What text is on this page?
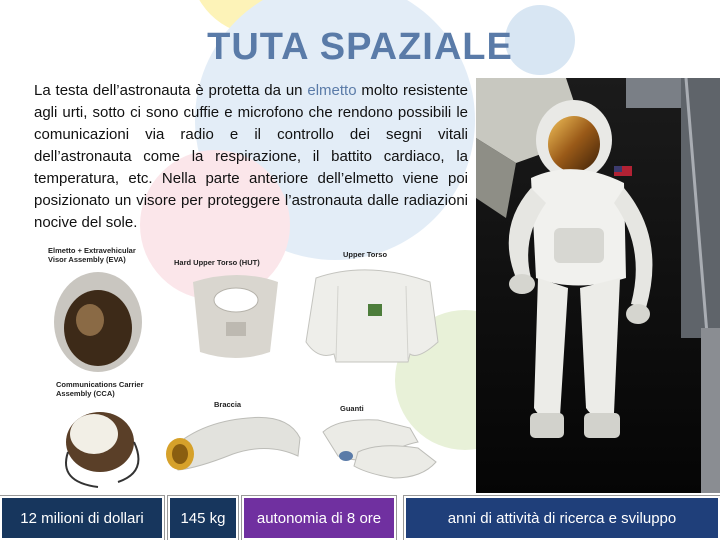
TUTA SPAZIALE
La testa dell’astronauta è protetta da un elmetto molto resistente agli urti, sotto ci sono cuffie e microfono che rendono possibili le comunicazioni via radio e il controllo dei segni vitali dell’astronauta come la respirazione, il battito cardiaco, la temperatura, etc. Nella parte anteriore dell’elmetto viene poi posizionato un visore per proteggere l’astronauta dalle radiazioni nocive del sole.
Elmetto + Extravehicular
Visor Assembly (EVA)	Hard Upper Torso (HUT)
Upper Torso
Communications Carrier
Assembly (CCA)
Braccia	Guanti
12 milioni di dollari 145 kg autonomia di 8 ore	anni di attività di ricerca e sviluppo
